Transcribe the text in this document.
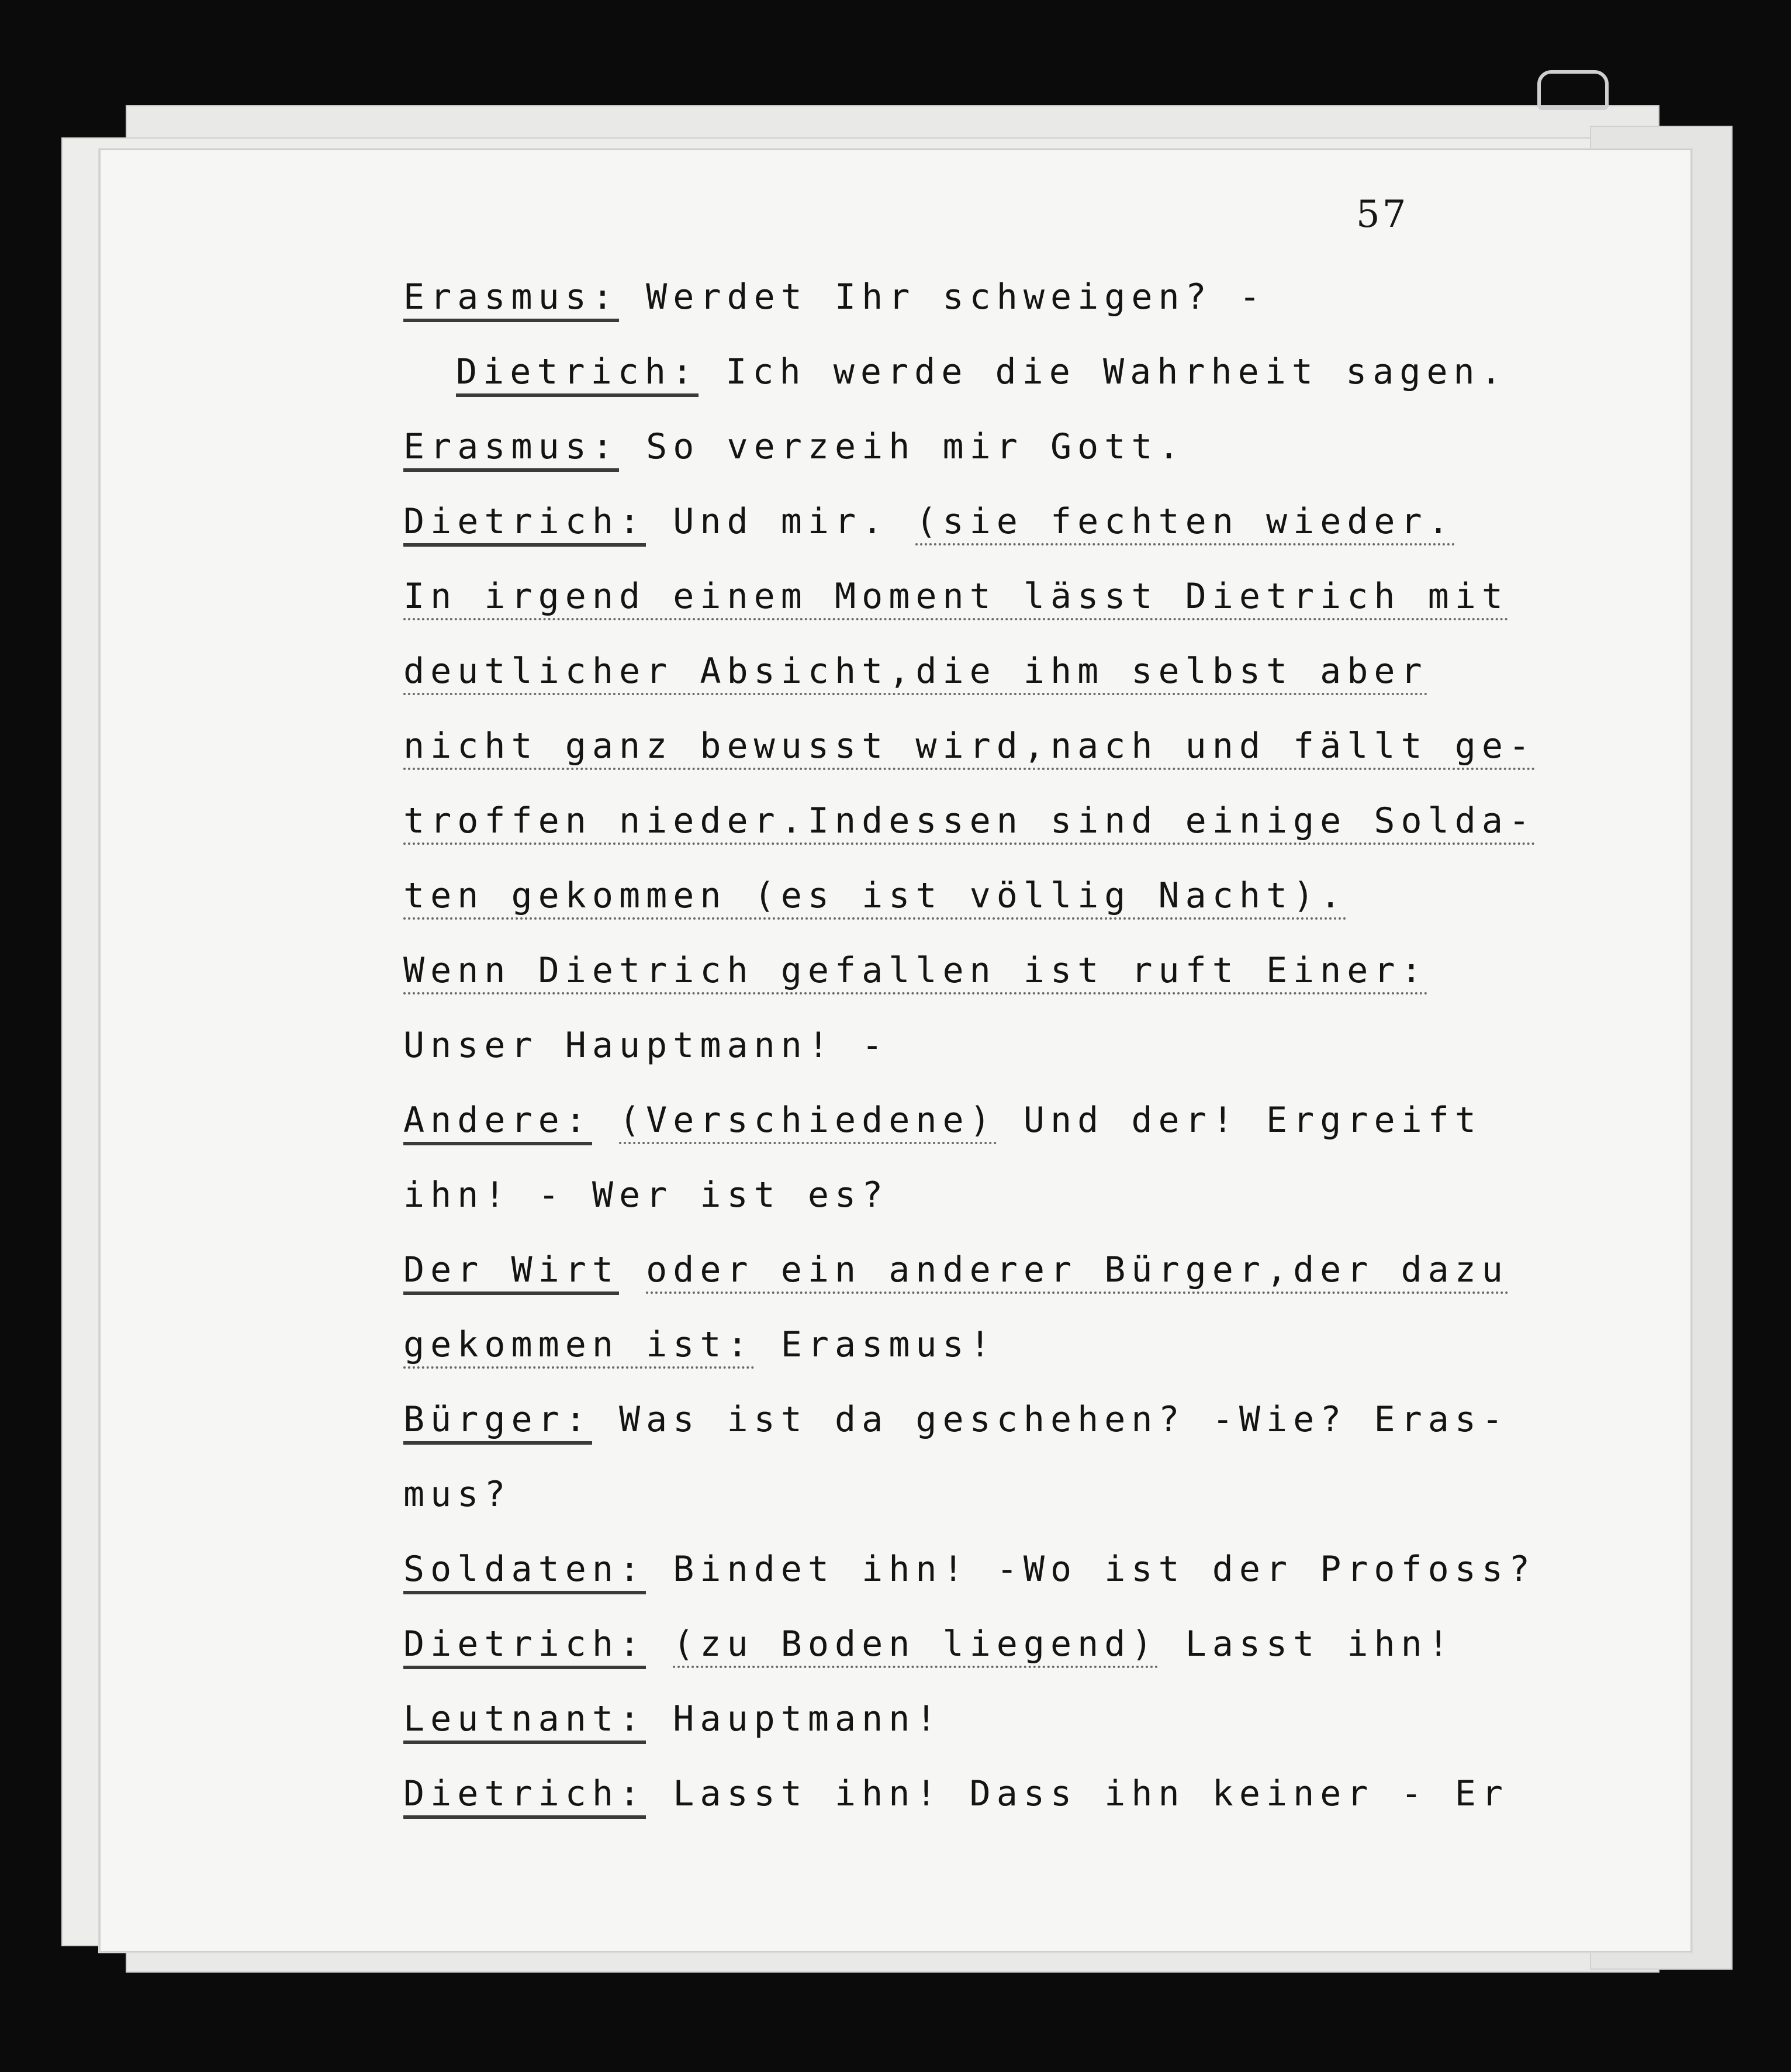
57
Erasmus: Werdet Ihr schweigen? -
Dietrich: Ich werde die Wahrheit sagen.
Erasmus: So verzeih mir Gott.
Dietrich: Und mir. (sie fechten wieder.
In irgend einem Moment lässt Dietrich mit
deutlicher Absicht,die ihm selbst aber
nicht ganz bewusst wird,nach und fällt ge-
troffen nieder.Indessen sind einige Solda-
ten gekommen (es ist völlig Nacht).
Wenn Dietrich gefallen ist ruft Einer:
Unser Hauptmann! -
Andere: (Verschiedene) Und der! Ergreift
ihn! - Wer ist es?
Der Wirt oder ein anderer Bürger,der dazu
gekommen ist: Erasmus!
Bürger: Was ist da geschehen? -Wie? Eras-
mus?
Soldaten: Bindet ihn! -Wo ist der Profoss?
Dietrich: (zu Boden liegend) Lasst ihn!
Leutnant: Hauptmann!
Dietrich: Lasst ihn! Dass ihn keiner - Er
